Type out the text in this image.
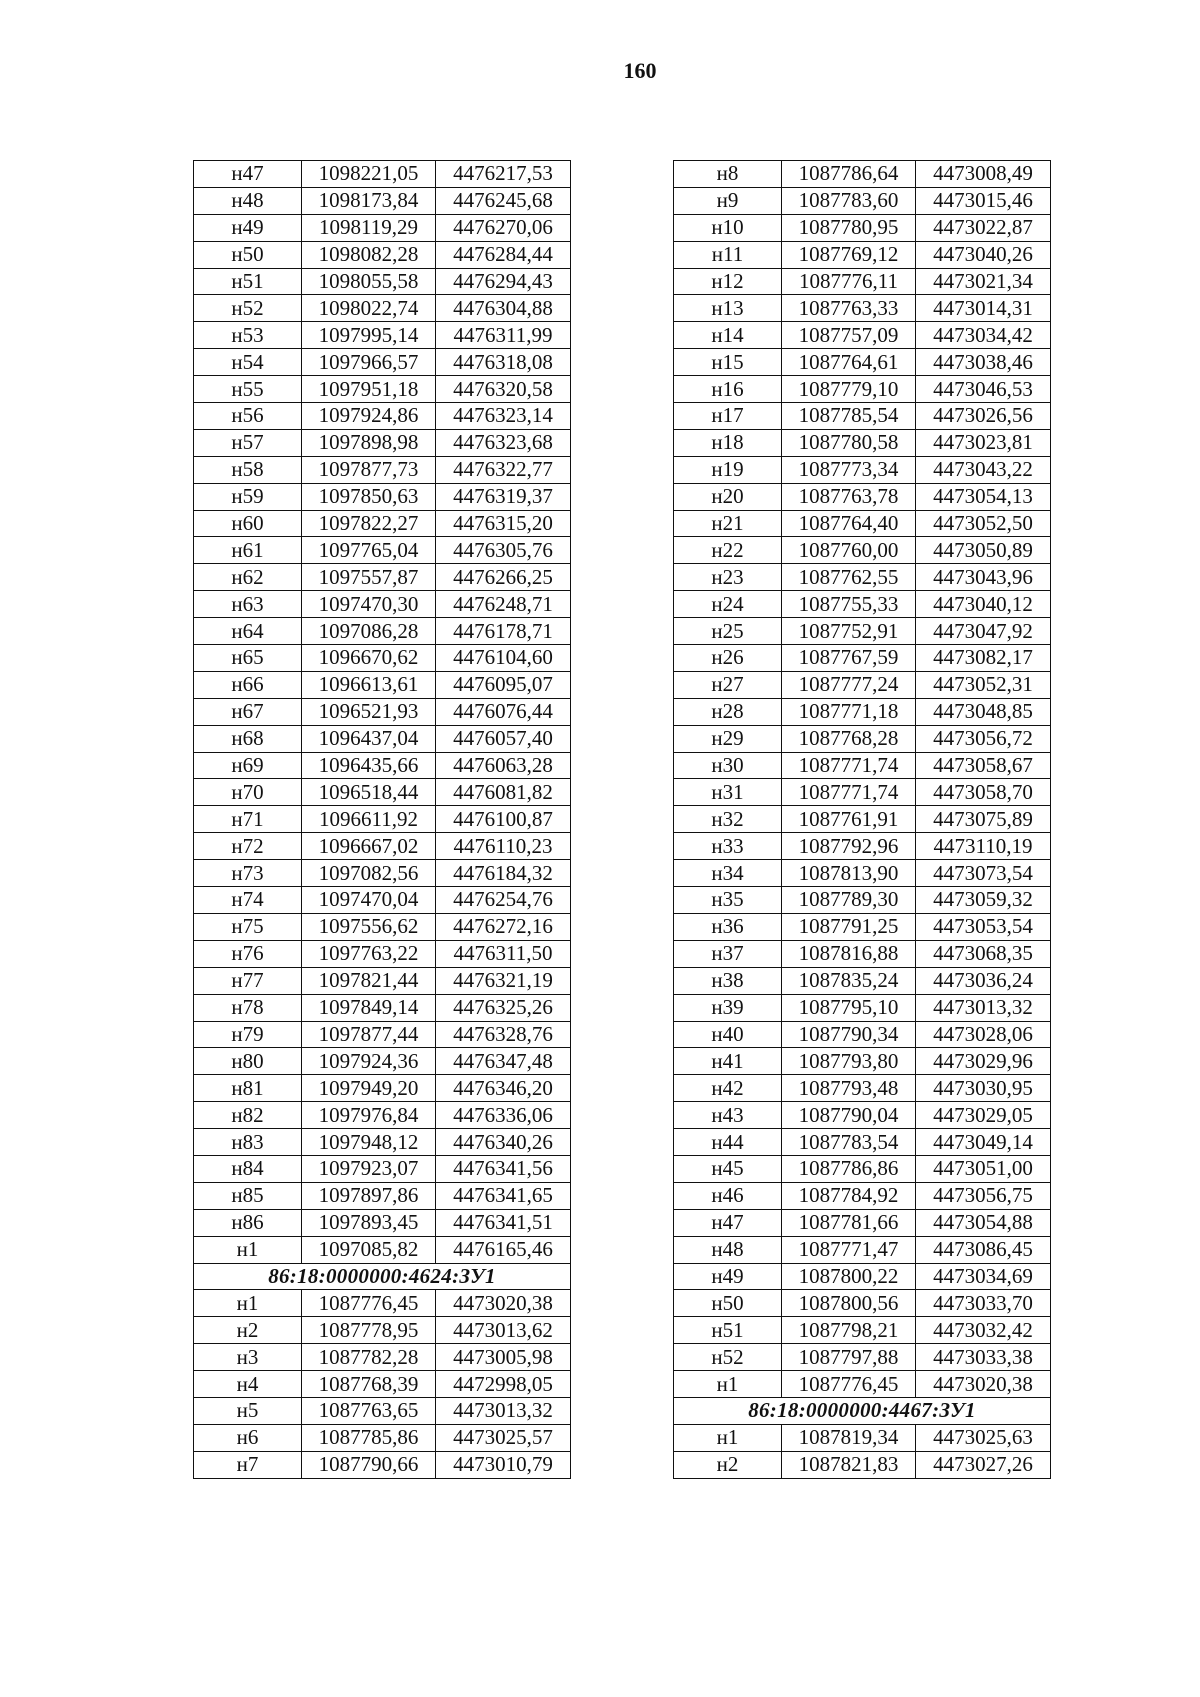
160
н47	1098221,05	4476217,53
н48	1098173,84	4476245,68
н49	1098119,29	4476270,06
н50	1098082,28	4476284,44
н51	1098055,58	4476294,43
н52	1098022,74	4476304,88
н53	1097995,14	4476311,99
н54	1097966,57	4476318,08
н55	1097951,18	4476320,58
н56	1097924,86	4476323,14
н57	1097898,98	4476323,68
н58	1097877,73	4476322,77
н59	1097850,63	4476319,37
н60	1097822,27	4476315,20
н61	1097765,04	4476305,76
н62	1097557,87	4476266,25
н63	1097470,30	4476248,71
н64	1097086,28	4476178,71
н65	1096670,62	4476104,60
н66	1096613,61	4476095,07
н67	1096521,93	4476076,44
н68	1096437,04	4476057,40
н69	1096435,66	4476063,28
н70	1096518,44	4476081,82
н71	1096611,92	4476100,87
н72	1096667,02	4476110,23
н73	1097082,56	4476184,32
н74	1097470,04	4476254,76
н75	1097556,62	4476272,16
н76	1097763,22	4476311,50
н77	1097821,44	4476321,19
н78	1097849,14	4476325,26
н79	1097877,44	4476328,76
н80	1097924,36	4476347,48
н81	1097949,20	4476346,20
н82	1097976,84	4476336,06
н83	1097948,12	4476340,26
н84	1097923,07	4476341,56
н85	1097897,86	4476341,65
н86	1097893,45	4476341,51
н1	1097085,82	4476165,46
86:18:0000000:4624:ЗУ1		
н1	1087776,45	4473020,38
н2	1087778,95	4473013,62
н3	1087782,28	4473005,98
н4	1087768,39	4472998,05
н5	1087763,65	4473013,32
н6	1087785,86	4473025,57
н7	1087790,66	4473010,79
н8	1087786,64	4473008,49
н9	1087783,60	4473015,46
н10	1087780,95	4473022,87
н11	1087769,12	4473040,26
н12	1087776,11	4473021,34
н13	1087763,33	4473014,31
н14	1087757,09	4473034,42
н15	1087764,61	4473038,46
н16	1087779,10	4473046,53
н17	1087785,54	4473026,56
н18	1087780,58	4473023,81
н19	1087773,34	4473043,22
н20	1087763,78	4473054,13
н21	1087764,40	4473052,50
н22	1087760,00	4473050,89
н23	1087762,55	4473043,96
н24	1087755,33	4473040,12
н25	1087752,91	4473047,92
н26	1087767,59	4473082,17
н27	1087777,24	4473052,31
н28	1087771,18	4473048,85
н29	1087768,28	4473056,72
н30	1087771,74	4473058,67
н31	1087771,74	4473058,70
н32	1087761,91	4473075,89
н33	1087792,96	4473110,19
н34	1087813,90	4473073,54
н35	1087789,30	4473059,32
н36	1087791,25	4473053,54
н37	1087816,88	4473068,35
н38	1087835,24	4473036,24
н39	1087795,10	4473013,32
н40	1087790,34	4473028,06
н41	1087793,80	4473029,96
н42	1087793,48	4473030,95
н43	1087790,04	4473029,05
н44	1087783,54	4473049,14
н45	1087786,86	4473051,00
н46	1087784,92	4473056,75
н47	1087781,66	4473054,88
н48	1087771,47	4473086,45
н49	1087800,22	4473034,69
н50	1087800,56	4473033,70
н51	1087798,21	4473032,42
н52	1087797,88	4473033,38
н1	1087776,45	4473020,38
86:18:0000000:4467:ЗУ1		
н1	1087819,34	4473025,63
н2	1087821,83	4473027,26
